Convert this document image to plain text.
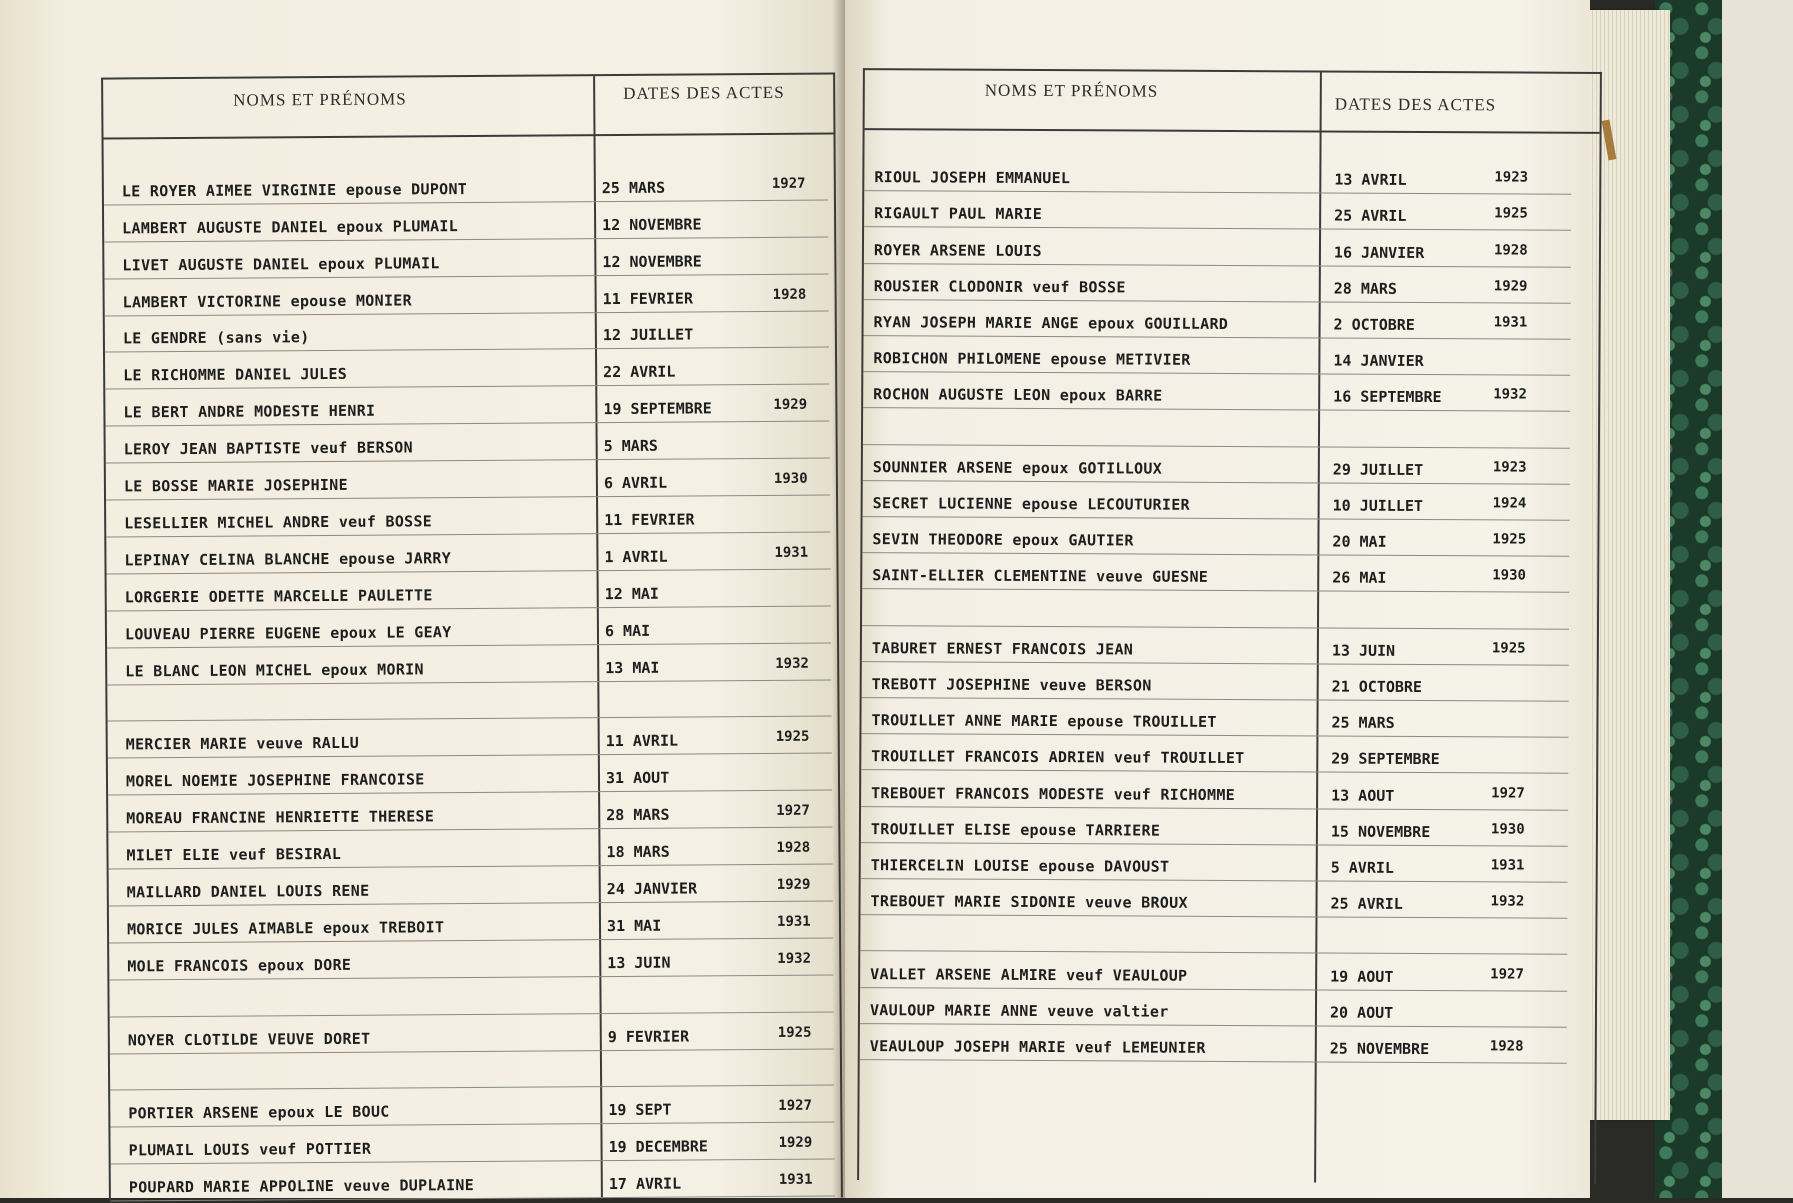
NOMS ET PRÉNOMS	DATES DES ACTES
LE ROYER AIMEE VIRGINIE epouse DUPONT	25 MARS	1927
LAMBERT AUGUSTE DANIEL epoux PLUMAIL	12 NOVEMBRE
LIVET AUGUSTE DANIEL epoux PLUMAIL	12 NOVEMBRE
LAMBERT VICTORINE epouse MONIER	11 FEVRIER	1928
LE GENDRE (sans vie)	12 JUILLET
LE RICHOMME DANIEL JULES	22 AVRIL
LE BERT ANDRE MODESTE HENRI	19 SEPTEMBRE	1929
LEROY JEAN BAPTISTE veuf BERSON	5 MARS
LE BOSSE MARIE JOSEPHINE	6 AVRIL	1930
LESELLIER MICHEL ANDRE veuf BOSSE	11 FEVRIER
LEPINAY CELINA BLANCHE epouse JARRY	1 AVRIL	1931
LORGERIE ODETTE MARCELLE PAULETTE	12 MAI
LOUVEAU PIERRE EUGENE epoux LE GEAY	6 MAI
LE BLANC LEON MICHEL epoux MORIN	13 MAI	1932
MERCIER MARIE veuve RALLU	11 AVRIL	1925
MOREL NOEMIE JOSEPHINE FRANCOISE	31 AOUT
MOREAU FRANCINE HENRIETTE THERESE	28 MARS	1927
MILET ELIE veuf BESIRAL	18 MARS	1928
MAILLARD DANIEL LOUIS RENE	24 JANVIER	1929
MORICE JULES AIMABLE epoux TREBOIT	31 MAI	1931
MOLE FRANCOIS epoux DORE	13 JUIN	1932
NOYER CLOTILDE VEUVE DORET	9 FEVRIER	1925
PORTIER ARSENE epoux LE BOUC	19 SEPT	1927
PLUMAIL LOUIS veuf POTTIER	19 DECEMBRE	1929
POUPARD MARIE APPOLINE veuve DUPLAINE	17 AVRIL	1931
NOMS ET PRÉNOMS
DATES DES ACTES
RIOUL JOSEPH EMMANUEL	13 AVRIL	1923
RIGAULT PAUL MARIE	25 AVRIL	1925
ROYER ARSENE LOUIS	16 JANVIER	1928
ROUSIER CLODONIR veuf BOSSE	28 MARS	1929
RYAN JOSEPH MARIE ANGE epoux GOUILLARD	2 OCTOBRE	1931
ROBICHON PHILOMENE epouse METIVIER	14 JANVIER
ROCHON AUGUSTE LEON epoux BARRE	16 SEPTEMBRE	1932
SOUNNIER ARSENE epoux GOTILLOUX	29 JUILLET	1923
SECRET LUCIENNE epouse LECOUTURIER	10 JUILLET	1924
SEVIN THEODORE epoux GAUTIER	20 MAI	1925
SAINT-ELLIER CLEMENTINE veuve GUESNE	26 MAI	1930
TABURET ERNEST FRANCOIS JEAN	13 JUIN	1925
TREBOTT JOSEPHINE veuve BERSON	21 OCTOBRE
TROUILLET ANNE MARIE epouse TROUILLET	25 MARS
TROUILLET FRANCOIS ADRIEN veuf TROUILLET	29 SEPTEMBRE
TREBOUET FRANCOIS MODESTE veuf RICHOMME	13 AOUT	1927
TROUILLET ELISE epouse TARRIERE	15 NOVEMBRE	1930
THIERCELIN LOUISE epouse DAVOUST	5 AVRIL	1931
TREBOUET MARIE SIDONIE veuve BROUX	25 AVRIL	1932
VALLET ARSENE ALMIRE veuf VEAULOUP	19 AOUT	1927
VAULOUP MARIE ANNE veuve valtier	20 AOUT
VEAULOUP JOSEPH MARIE veuf LEMEUNIER	25 NOVEMBRE	1928
